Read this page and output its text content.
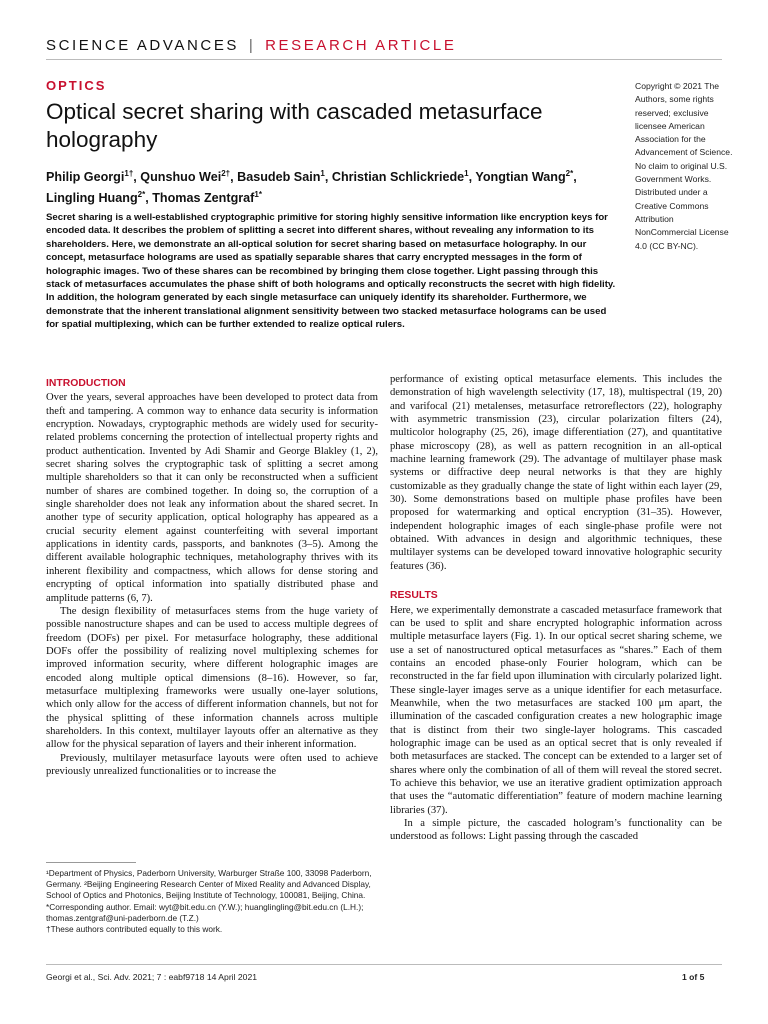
SCIENCE ADVANCES | RESEARCH ARTICLE
OPTICS
Optical secret sharing with cascaded metasurface holography
Philip Georgi$^{1\dagger}$, Qunshuo Wei$^{2\dagger}$, Basudeb Sain$^1$, Christian Schlickriede$^1$, Yongtian Wang$^{2*}$,
Lingling Huang$^{2*}$, Thomas Zentgraf$^{1*}$
Copyright © 2021 The Authors, some rights reserved; exclusive licensee American Association for the Advancement of Science. No claim to original U.S. Government Works. Distributed under a Creative Commons Attribution NonCommercial License 4.0 (CC BY-NC).

Secret sharing is a well-established cryptographic primitive for storing highly sensitive information like encryption keys for encoded data. It describes the problem of splitting a secret into different shares, without revealing any information to its shareholders. Here, we demonstrate an all-optical solution for secret sharing based on metasurface holography. In our concept, metasurface holograms are used as spatially separable shares that carry encrypted messages in the form of holographic images. Two of these shares can be recombined by bringing them close together. Light passing through this stack of metasurfaces accumulates the phase shift of both holograms and optically reconstructs the secret with high fidelity. In addition, the hologram generated by each single metasurface can uniquely identify its shareholder. Furthermore, we demonstrate that the inherent translational alignment sensitivity between two stacked metasurface holograms can be used for spatial multiplexing, which can be further extended to realize optical rulers.

INTRODUCTION

Over the years, several approaches have been developed to protect data from theft and tampering. A common way to enhance data security is information encryption. Nowadays, cryptographic methods are widely used for security-related problems concerning the protection of intellectual property rights and product authentication. Invented by Adi Shamir and George Blakley (1, 2), secret sharing solves the cryptographic task of splitting a secret among multiple shareholders so that it can only be reconstructed when a sufficient number of shares are combined together. In doing so, the corruption of a single shareholder does not leak any information about the shared secret. In another type of security application, optical holography has appeared as a crucial security element against counterfeiting with several important applications in identity cards, passports, and banknotes (3–5). Among the different available holographic techniques, metaholography thrives with its inherent flexibility and compactness, which allows for dense storing and encrypting of optical information into spatially distributed phase and amplitude patterns (6, 7).

The design flexibility of metasurfaces stems from the huge variety of possible nanostructure shapes and can be used to access multiple degrees of freedom (DOFs) per pixel. For metasurface holography, these additional DOFs offer the possibility of realizing novel multiplexing schemes for improved information security, where different holographic images are encoded along multiple optical dimensions (8–16). However, so far, metasurface multiplexing frameworks were usually one-layer solutions, which only allow for the access of different information channels, but not for the physical splitting of these information channels across multiple shareholders. In this context, multilayer layouts offer an alternative as they allow for the physical separation of layers and their inherent information.

Previously, multilayer metasurface layouts were often used to achieve previously unrealized functionalities or to increase the

¹Department of Physics, Paderborn University, Warburger Straße 100, 33098 Paderborn, Germany. ²Beijing Engineering Research Center of Mixed Reality and Advanced Display, School of Optics and Photonics, Beijing Institute of Technology, 100081, Beijing, China.

*Corresponding author. Email: wyt@bit.edu.cn (Y.W.); huanglingling@bit.edu.cn (L.H.); thomas.zentgraf@uni-paderborn.de (T.Z.)

†These authors contributed equally to this work.

performance of existing optical metasurface elements. This includes the demonstration of high wavelength selectivity (17, 18), multispectral (19, 20) and varifocal (21) metalenses, metasurface retroreflectors (22), holography with asymmetric transmission (23), circular polarization filters (24), multicolor holography (25, 26), image differentiation (27), and quantitative phase microscopy (28), as well as pattern recognition in an all-optical machine learning framework (29). The advantage of multilayer phase mask systems or diffractive deep neural networks is that they are highly customizable as they gradually change the state of light within each layer (29, 30). Some demonstrations based on multiple phase profiles have been proposed for watermarking and optical encryption (31–35). However, independent holographic images of each single-phase profile were not obtained. With advances in design and algorithmic techniques, these multilayer systems can be developed toward innovative holographic security features (36).

RESULTS

Here, we experimentally demonstrate a cascaded metasurface framework that can be used to split and share encrypted holographic information across multiple metasurface layers (Fig. 1). In our optical secret sharing scheme, we use a set of nanostructured optical metasurfaces as “shares.” Each of them contains an encoded phase-only Fourier hologram, which can be reconstructed in the far field upon illumination with circularly polarized light. These single-layer images serve as a unique identifier for each metasurface. Meanwhile, when the two metasurfaces are stacked 100 μm apart, the illumination of the cascaded configuration creates a new holographic image that is distinct from their two single-layer holograms. This cascaded holographic image can be used as an optical secret that is only revealed if both metasurfaces are stacked. The concept can be extended to a larger set of shares where only the combination of all of them will reveal the stored secret. To achieve this behavior, we use an iterative gradient optimization approach that uses the “automatic differentiation” feature of modern machine learning libraries (37).

In a simple picture, the cascaded hologram’s functionality can be understood as follows: Light passing through the cascaded

Georgi et al., Sci. Adv. 2021; 7 : eabf9718 14 April 2021	1 of 5
